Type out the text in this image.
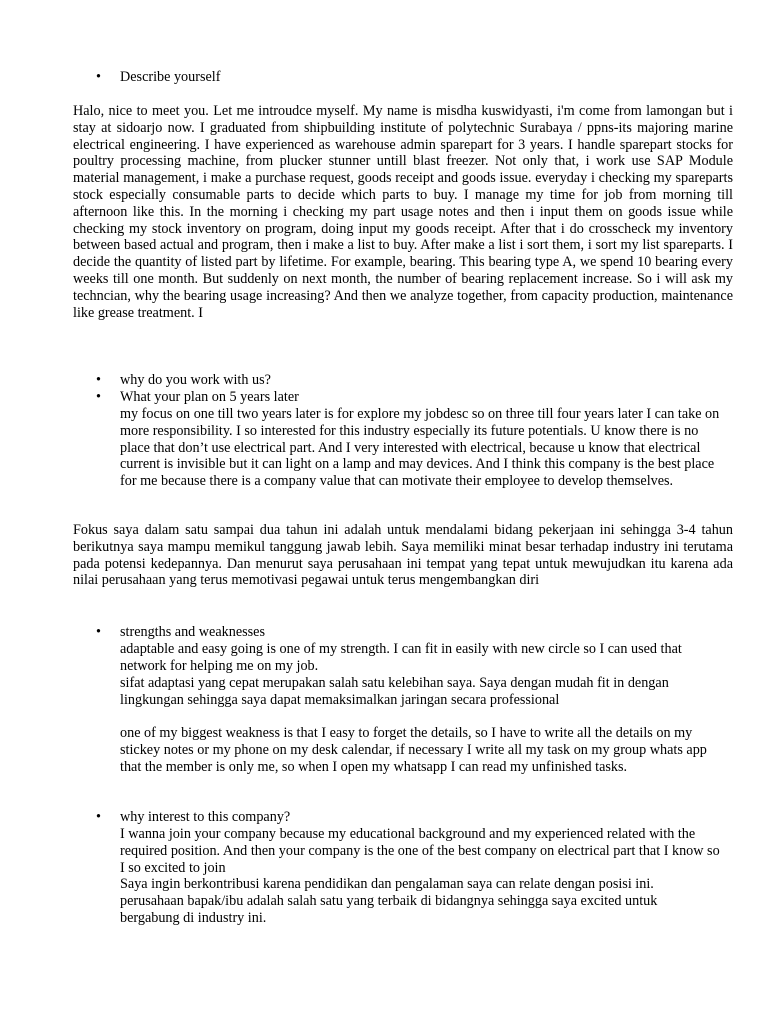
• Describe yourself

Halo, nice to meet you. Let me introudce myself. My name is misdha kuswidyasti, i'm come from lamongan but i stay at sidoarjo now. I graduated from shipbuilding institute of polytechnic Surabaya / ppns-its majoring marine electrical engineering. I have experienced as warehouse admin sparepart for 3 years. I handle sparepart stocks for poultry processing machine, from plucker stunner untill blast freezer. Not only that, i work use SAP Module material management, i make a purchase request, goods receipt and goods issue. everyday i checking my spareparts stock especially consumable parts to decide which parts to buy. I manage my time for job from morning till afternoon like this. In the morning i checking my part usage notes and then i input them on goods issue while checking my stock inventory on program, doing input my goods receipt. After that i do crosscheck my inventory between based actual and program, then i make a list to buy. After make a list i sort them, i sort my list spareparts. I decide the quantity of listed part by lifetime. For example, bearing. This bearing type A, we spend 10 bearing every weeks till one month. But suddenly on next month, the number of bearing replacement increase. So i will ask my techncian, why the bearing usage increasing? And then we analyze together, from capacity production, maintenance like grease treatment. I

• why do you work with us?
• What your plan on 5 years later

my focus on one till two years later is for explore my jobdesc so on three till four years later I can take on more responsibility. I so interested for this industry especially its future potentials. U know there is no place that don’t use electrical part. And I very interested with electrical, because u know that electrical current is invisible but it can light on a lamp and may devices. And I think this company is the best place for me because there is a company value that can motivate their employee to develop themselves.

Fokus saya dalam satu sampai dua tahun ini adalah untuk mendalami bidang pekerjaan ini sehingga 3-4 tahun berikutnya saya mampu memikul tanggung jawab lebih. Saya memiliki minat besar terhadap industry ini terutama pada potensi kedepannya. Dan menurut saya perusahaan ini tempat yang tepat untuk mewujudkan itu karena ada nilai perusahaan yang terus memotivasi pegawai untuk terus mengembangkan diri

• strengths and weaknesses

adaptable and easy going is one of my strength. I can fit in easily with new circle so I can used that network for helping me on my job.

sifat adaptasi yang cepat merupakan salah satu kelebihan saya. Saya dengan mudah fit in dengan lingkungan sehingga saya dapat memaksimalkan jaringan secara professional

one of my biggest weakness is that I easy to forget the details, so I have to write all the details on my stickey notes or my phone on my desk calendar, if necessary I write all my task on my group whats app that the member is only me, so when I open my whatsapp I can read my unfinished tasks.

• why interest to this company?

I wanna join your company because my educational background and my experienced related with the required position. And then your company is the one of the best company on electrical part that I know so I so excited to join

Saya ingin berkontribusi karena pendidikan dan pengalaman saya can relate dengan posisi ini. perusahaan bapak/ibu adalah salah satu yang terbaik di bidangnya sehingga saya excited untuk bergabung di industry ini.
